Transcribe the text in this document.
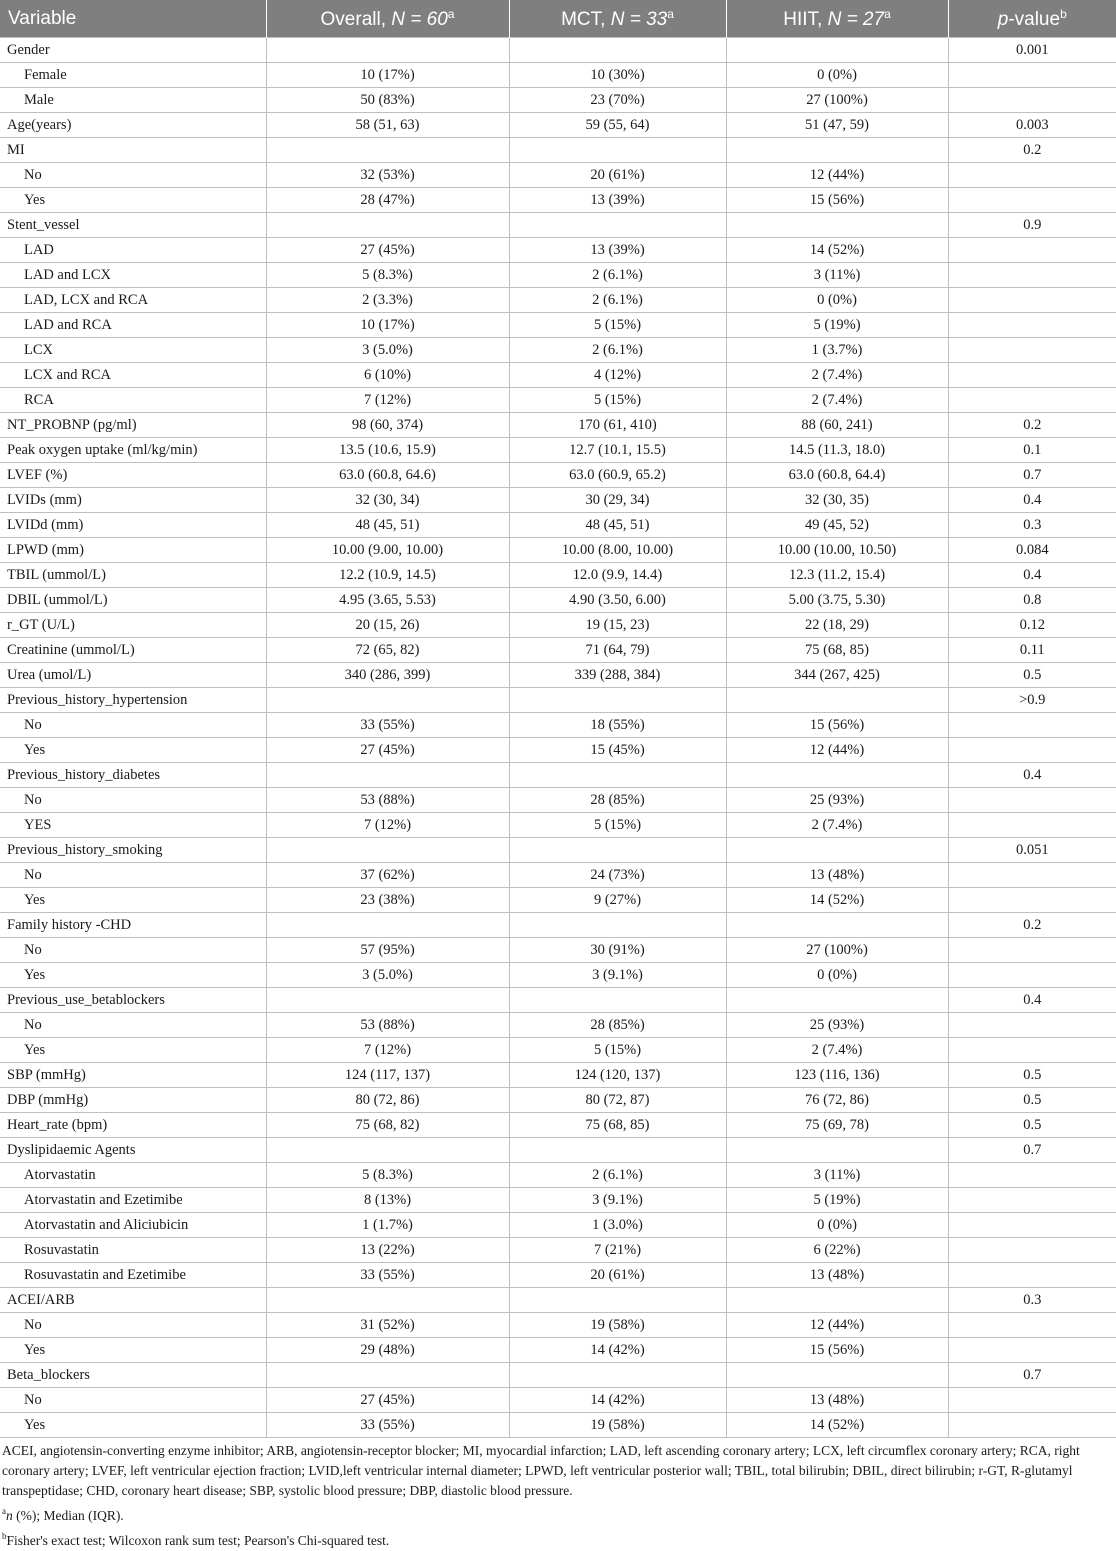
Variable	Overall, $N = 60^a$	MCT, $N = 33^a$	HIIT, $N = 27^a$	p-value$^b$
Gender				0.001
Female	10 (17%)	10 (30%)	0 (0%)	
Male	50 (83%)	23 (70%)	27 (100%)	
Age(years)	58 (51, 63)	59 (55, 64)	51 (47, 59)	0.003
MI				0.2
No	32 (53%)	20 (61%)	12 (44%)	
Yes	28 (47%)	13 (39%)	15 (56%)	
Stent_vessel				0.9
LAD	27 (45%)	13 (39%)	14 (52%)	
LAD and LCX	5 (8.3%)	2 (6.1%)	3 (11%)	
LAD, LCX and RCA	2 (3.3%)	2 (6.1%)	0 (0%)	
LAD and RCA	10 (17%)	5 (15%)	5 (19%)	
LCX	3 (5.0%)	2 (6.1%)	1 (3.7%)	
LCX and RCA	6 (10%)	4 (12%)	2 (7.4%)	
RCA	7 (12%)	5 (15%)	2 (7.4%)	
NT_PROBNP (pg/ml)	98 (60, 374)	170 (61, 410)	88 (60, 241)	0.2
Peak oxygen uptake (ml/kg/min)	13.5 (10.6, 15.9)	12.7 (10.1, 15.5)	14.5 (11.3, 18.0)	0.1
LVEF (%)	63.0 (60.8, 64.6)	63.0 (60.9, 65.2)	63.0 (60.8, 64.4)	0.7
LVIDs (mm)	32 (30, 34)	30 (29, 34)	32 (30, 35)	0.4
LVIDd (mm)	48 (45, 51)	48 (45, 51)	49 (45, 52)	0.3
LPWD (mm)	10.00 (9.00, 10.00)	10.00 (8.00, 10.00)	10.00 (10.00, 10.50)	0.084
TBIL (ummol/L)	12.2 (10.9, 14.5)	12.0 (9.9, 14.4)	12.3 (11.2, 15.4)	0.4
DBIL (ummol/L)	4.95 (3.65, 5.53)	4.90 (3.50, 6.00)	5.00 (3.75, 5.30)	0.8
r_GT (U/L)	20 (15, 26)	19 (15, 23)	22 (18, 29)	0.12
Creatinine (ummol/L)	72 (65, 82)	71 (64, 79)	75 (68, 85)	0.11
Urea (umol/L)	340 (286, 399)	339 (288, 384)	344 (267, 425)	0.5
Previous_history_hypertension				>0.9
No	33 (55%)	18 (55%)	15 (56%)	
Yes	27 (45%)	15 (45%)	12 (44%)	
Previous_history_diabetes				0.4
No	53 (88%)	28 (85%)	25 (93%)	
YES	7 (12%)	5 (15%)	2 (7.4%)	
Previous_history_smoking				0.051
No	37 (62%)	24 (73%)	13 (48%)	
Yes	23 (38%)	9 (27%)	14 (52%)	
Family history -CHD				0.2
No	57 (95%)	30 (91%)	27 (100%)	
Yes	3 (5.0%)	3 (9.1%)	0 (0%)	
Previous_use_betablockers				0.4
No	53 (88%)	28 (85%)	25 (93%)	
Yes	7 (12%)	5 (15%)	2 (7.4%)	
SBP (mmHg)	124 (117, 137)	124 (120, 137)	123 (116, 136)	0.5
DBP (mmHg)	80 (72, 86)	80 (72, 87)	76 (72, 86)	0.5
Heart_rate (bpm)	75 (68, 82)	75 (68, 85)	75 (69, 78)	0.5
Dyslipidaemic Agents				0.7
Atorvastatin	5 (8.3%)	2 (6.1%)	3 (11%)	
Atorvastatin and Ezetimibe	8 (13%)	3 (9.1%)	5 (19%)	
Atorvastatin and Aliciubicin	1 (1.7%)	1 (3.0%)	0 (0%)	
Rosuvastatin	13 (22%)	7 (21%)	6 (22%)	
Rosuvastatin and Ezetimibe	33 (55%)	20 (61%)	13 (48%)	
ACEI/ARB				0.3
No	31 (52%)	19 (58%)	12 (44%)	
Yes	29 (48%)	14 (42%)	15 (56%)	
Beta_blockers				0.7
No	27 (45%)	14 (42%)	13 (48%)	
Yes	33 (55%)	19 (58%)	14 (52%)	

ACEI, angiotensin-converting enzyme inhibitor; ARB, angiotensin-receptor blocker; MI, myocardial infarction; LAD, left ascending coronary artery; LCX, left circumflex coronary artery; RCA, right coronary artery; LVEF, left ventricular ejection fraction; LVID,left ventricular internal diameter; LPWD, left ventricular posterior wall; TBIL, total bilirubin; DBIL, direct bilirubin; r-GT, R-glutamyl transpeptidase; CHD, coronary heart disease; SBP, systolic blood pressure; DBP, diastolic blood pressure.

$^a$n (%); Median (IQR).

$^b$Fisher's exact test; Wilcoxon rank sum test; Pearson's Chi-squared test.
